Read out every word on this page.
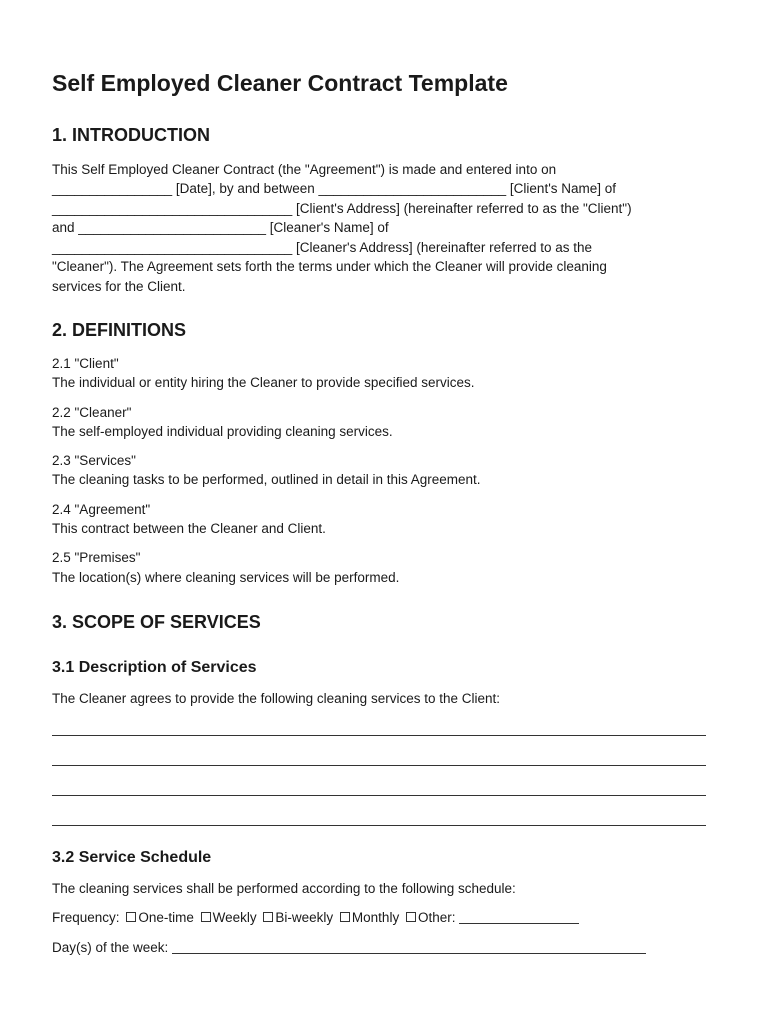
Self Employed Cleaner Contract Template
1. INTRODUCTION

This Self Employed Cleaner Contract (the "Agreement") is made and entered into on

________________ [Date], by and between _________________________ [Client's Name] of

________________________________ [Client's Address] (hereinafter referred to as the "Client")

and _________________________ [Cleaner's Name] of

________________________________ [Cleaner's Address] (hereinafter referred to as the

"Cleaner"). The Agreement sets forth the terms under which the Cleaner will provide cleaning

services for the Client.

2. DEFINITIONS

2.1 "Client"

The individual or entity hiring the Cleaner to provide specified services.

2.2 "Cleaner"

The self-employed individual providing cleaning services.

2.3 "Services"

The cleaning tasks to be performed, outlined in detail in this Agreement.

2.4 "Agreement"

This contract between the Cleaner and Client.

2.5 "Premises"

The location(s) where cleaning services will be performed.

3. SCOPE OF SERVICES
3.1 Description of Services

The Cleaner agrees to provide the following cleaning services to the Client:

3.2 Service Schedule

The cleaning services shall be performed according to the following schedule:

Frequency: One-time Weekly Bi-weekly Monthly Other:

Day(s) of the week:
